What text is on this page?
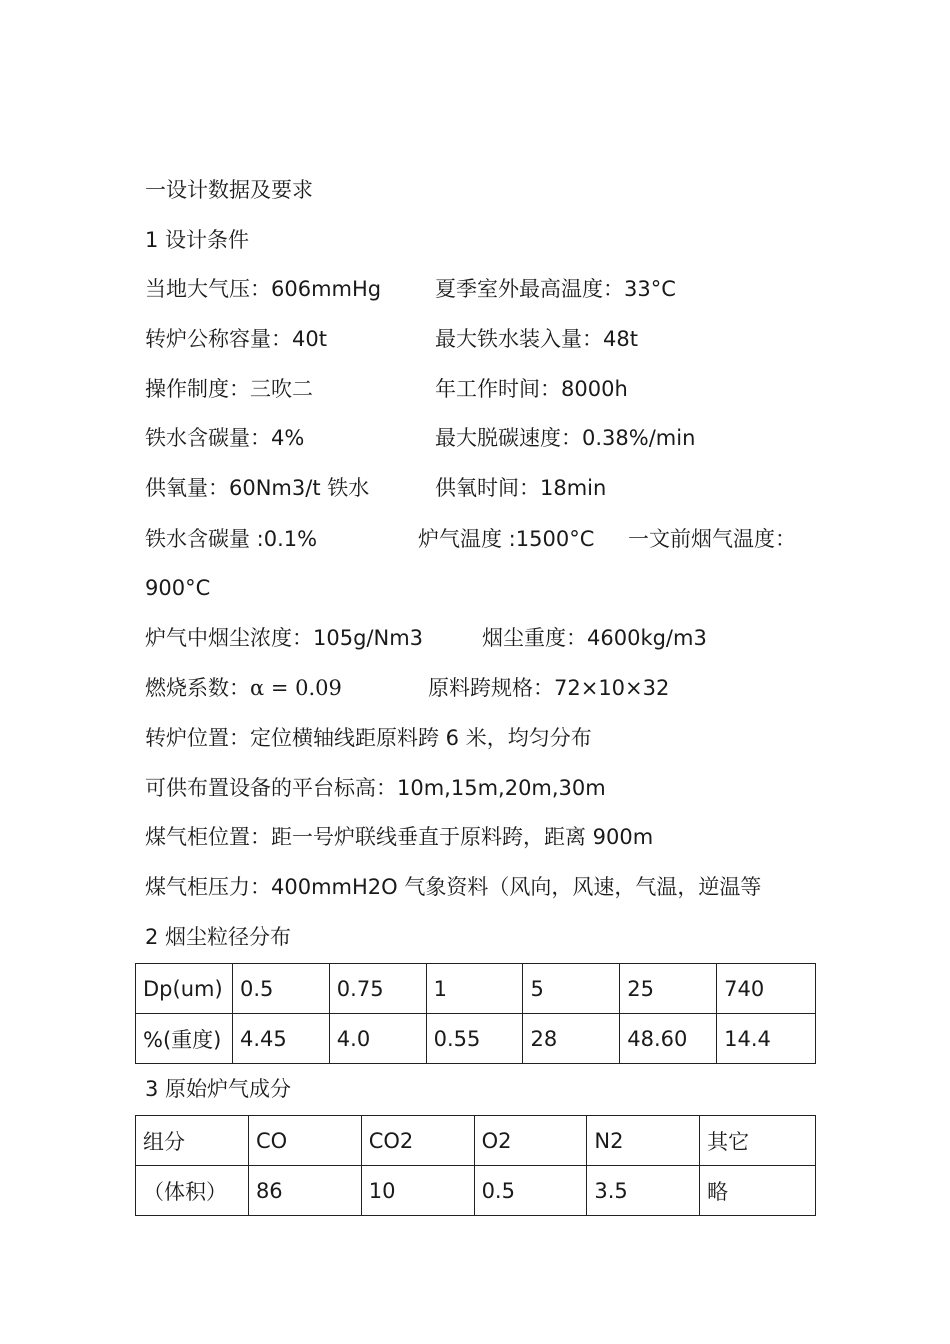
一设计数据及要求
1 设计条件
当地大气压：606mmHg	夏季室外最高温度：33°C
转炉公称容量：40t	最大铁水装入量：48t
操作制度：三吹二	年工作时间：8000h
铁水含碳量：4%	最大脱碳速度：0.38%/min
供氧量：60Nm3/t 铁水	供氧时间：18min
铁水含碳量 :0.1%	炉气温度 :1500°C 一文前烟气温度：
900°C
炉气中烟尘浓度：105g/Nm3	烟尘重度：4600kg/m3
燃烧系数：α = 0.09	原料跨规格：72×10×32
转炉位置：定位横轴线距原料跨 6 米，均匀分布
可供布置设备的平台标高：10m,15m,20m,30m
煤气柜位置：距一号炉联线垂直于原料跨，距离 900m
煤气柜压力：400mmH2O 气象资料（风向，风速，气温，逆温等
2 烟尘粒径分布
Dp(um)	0.5	0.75	1	5	25	740
%(重度)	4.45	4.0	0.55	28	48.60	14.4
3 原始炉气成分
组分	CO	CO2	O2	N2	其它
（体积）	86	10	0.5	3.5	略
